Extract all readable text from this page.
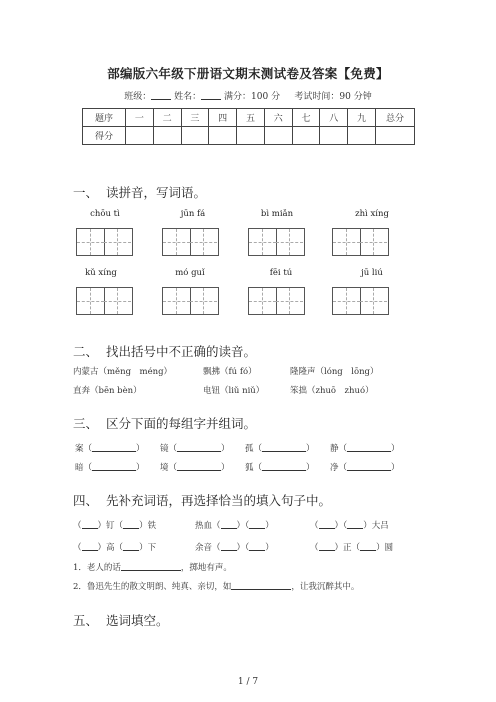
部编版六年级下册语文期末测试卷及答案【免费】
班级：	姓名：	满分：100 分 考试时间：90 分钟
题序	一	二	三	四	五	六	七	八	九	总分
得分										
一、 读拼音，写词语。
chōu tì	jūn fá	bì miǎn	zhì xíng
kǔ xíng	mó guǐ	fēi tú	jū liú
二、 找出括号中不正确的读音。
内蒙古（měng　méng）	飘拂（fú fó）	隆隆声（lóng　lōng）
直奔（bēn bèn）	电钮（liǔ niǔ）	笨拙（zhuō　zhuó）
三、 区分下面的每组字并组词。
案（	） 镜（	） 孤（	） 静（	）
暗（	） 境（	） 狐（	） 净（	）
四、 先补充词语，再选择恰当的填入句子中。
（ ）钉（ ）铁	热血（ ）（ ）	（ ）（ ）大吕
（ ）高（ ）下	余音（ ）（ ）	（ ）正（ ）圆
1．老人的话	，掷地有声。
2．鲁迅先生的散文明朗、纯真、亲切，如	，让我沉醉其中。
五、 选词填空。
1 / 7
